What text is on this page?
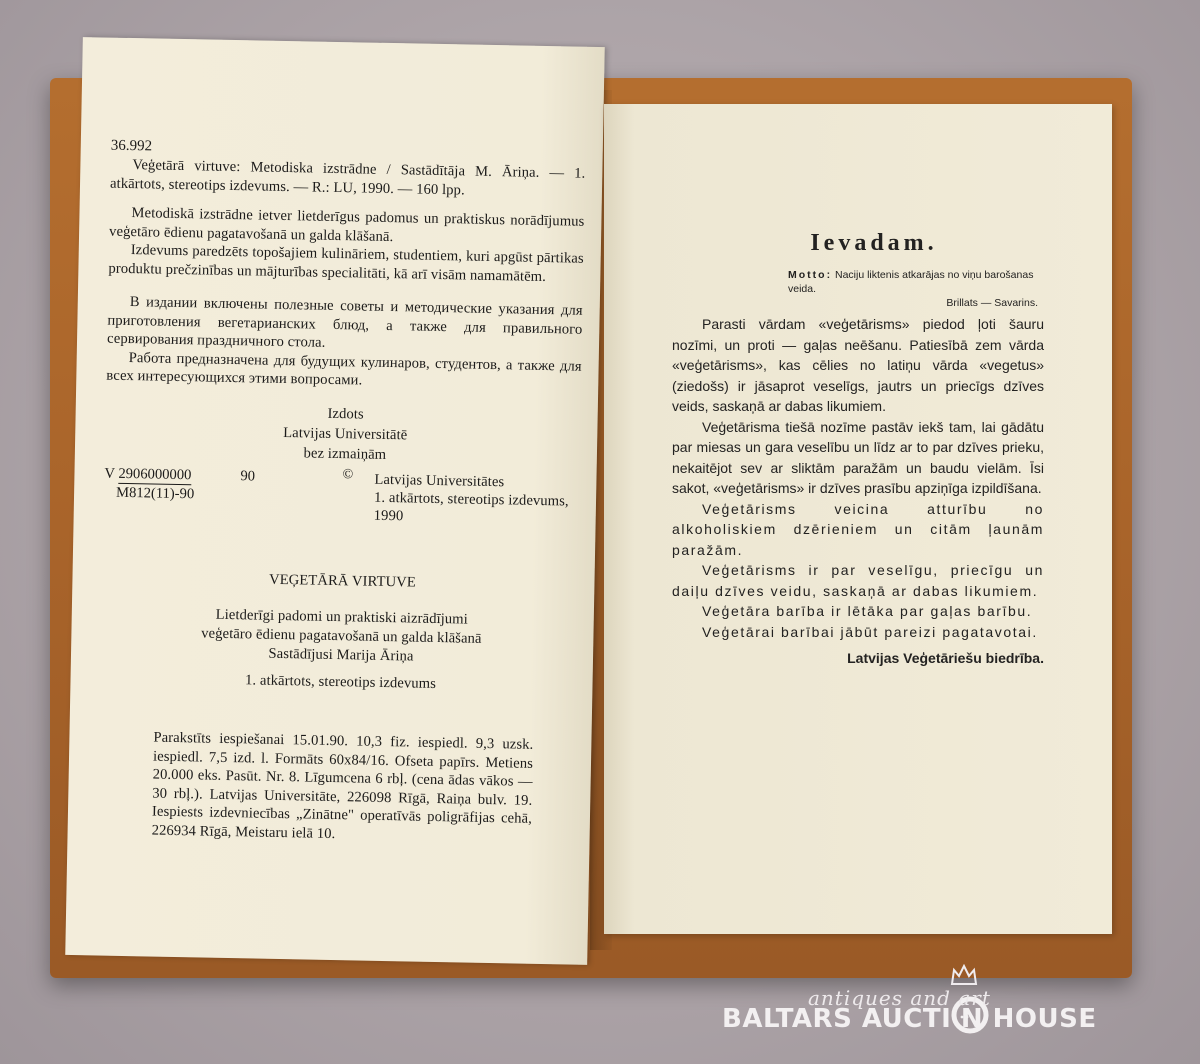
36.992

Veģetārā virtuve: Metodiska izstrādne / Sastādītāja M. Āriņa. — 1. atkārtots, stereotips izdevums. — R.: LU, 1990. — 160 lpp.

Metodiskā izstrādne ietver lietderīgus padomus un praktiskus norādījumus veģetāro ēdienu pagatavošanā un galda klāšanā.

Izdevums paredzēts topošajiem kulināriem, studentiem, kuri apgūst pārtikas produktu prečzinības un mājturības specialitāti, kā arī visām namamātēm.

В издании включены полезные советы и методические указания для приготовления вегетарианских блюд, а также для правильного сервирования праздничного стола.

Работа предназначена для будущих кулинаров, студентов, а также для всех интересующихся этими вопросами.

Izdots

Latvijas Universitātē

bez izmaiņām

V 2906000000	90
M812(11)-90
© Latvijas Universitātes

1. atkārtots, stereotips izdevums,

1990

VEĢETĀRĀ VIRTUVE

Lietderīgi padomi un praktiski aizrādījumi

veģetāro ēdienu pagatavošanā un galda klāšanā

Sastādījusi Marija Āriņa

1. atkārtots, stereotips izdevums

Parakstīts iespiešanai 15.01.90. 10,3 fiz. iespiedl. 9,3 uzsk. iespiedl. 7,5 izd. l. Formāts 60x84/16. Ofseta papīrs. Metiens 20.000 eks. Pasūt. Nr. 8. Līgumcena 6 rbļ. (cena ādas vākos — 30 rbļ.). Latvijas Universitāte, 226098 Rīgā, Raiņa bulv. 19. Iespiests izdevniecības „Zinātne" operatīvās poligrāfijas cehā, 226934 Rīgā, Meistaru ielā 10.

Ievadam.
Motto: Naciju liktenis atkarājas no viņu barošanas veida.
Brillats — Savarins.

Parasti vārdam «veģetārisms» piedod ļoti šauru nozīmi, un proti — gaļas neēšanu. Patiesībā zem vārda «veģetārisms», kas cēlies no latiņu vārda «vegetus» (ziedošs) ir jāsaprot veselīgs, jautrs un priecīgs dzīves veids, saskaņā ar dabas likumiem.

Veģetārisma tiešā nozīme pastāv iekš tam, lai gādātu par miesas un gara veselību un līdz ar to par dzīves prieku, nekaitējot sev ar sliktām paražām un baudu vielām. Īsi sakot, «veģetārisms» ir dzīves prasību apziņīga izpildīšana.

Veģetārisms veicina atturību no alkoholiskiem dzērieniem un citām ļaunām paražām.

Veģetārisms ir par veselīgu, priecīgu un daiļu dzīves veidu, saskaņā ar dabas likumiem.

Veģetāra barība ir lētāka par gaļas barību.

Veģetārai barībai jābūt pareizi pagatavotai.

Latvijas Veģetāriešu biedrība.

antiques and art
BALTARS AUCTI N HOUSE
